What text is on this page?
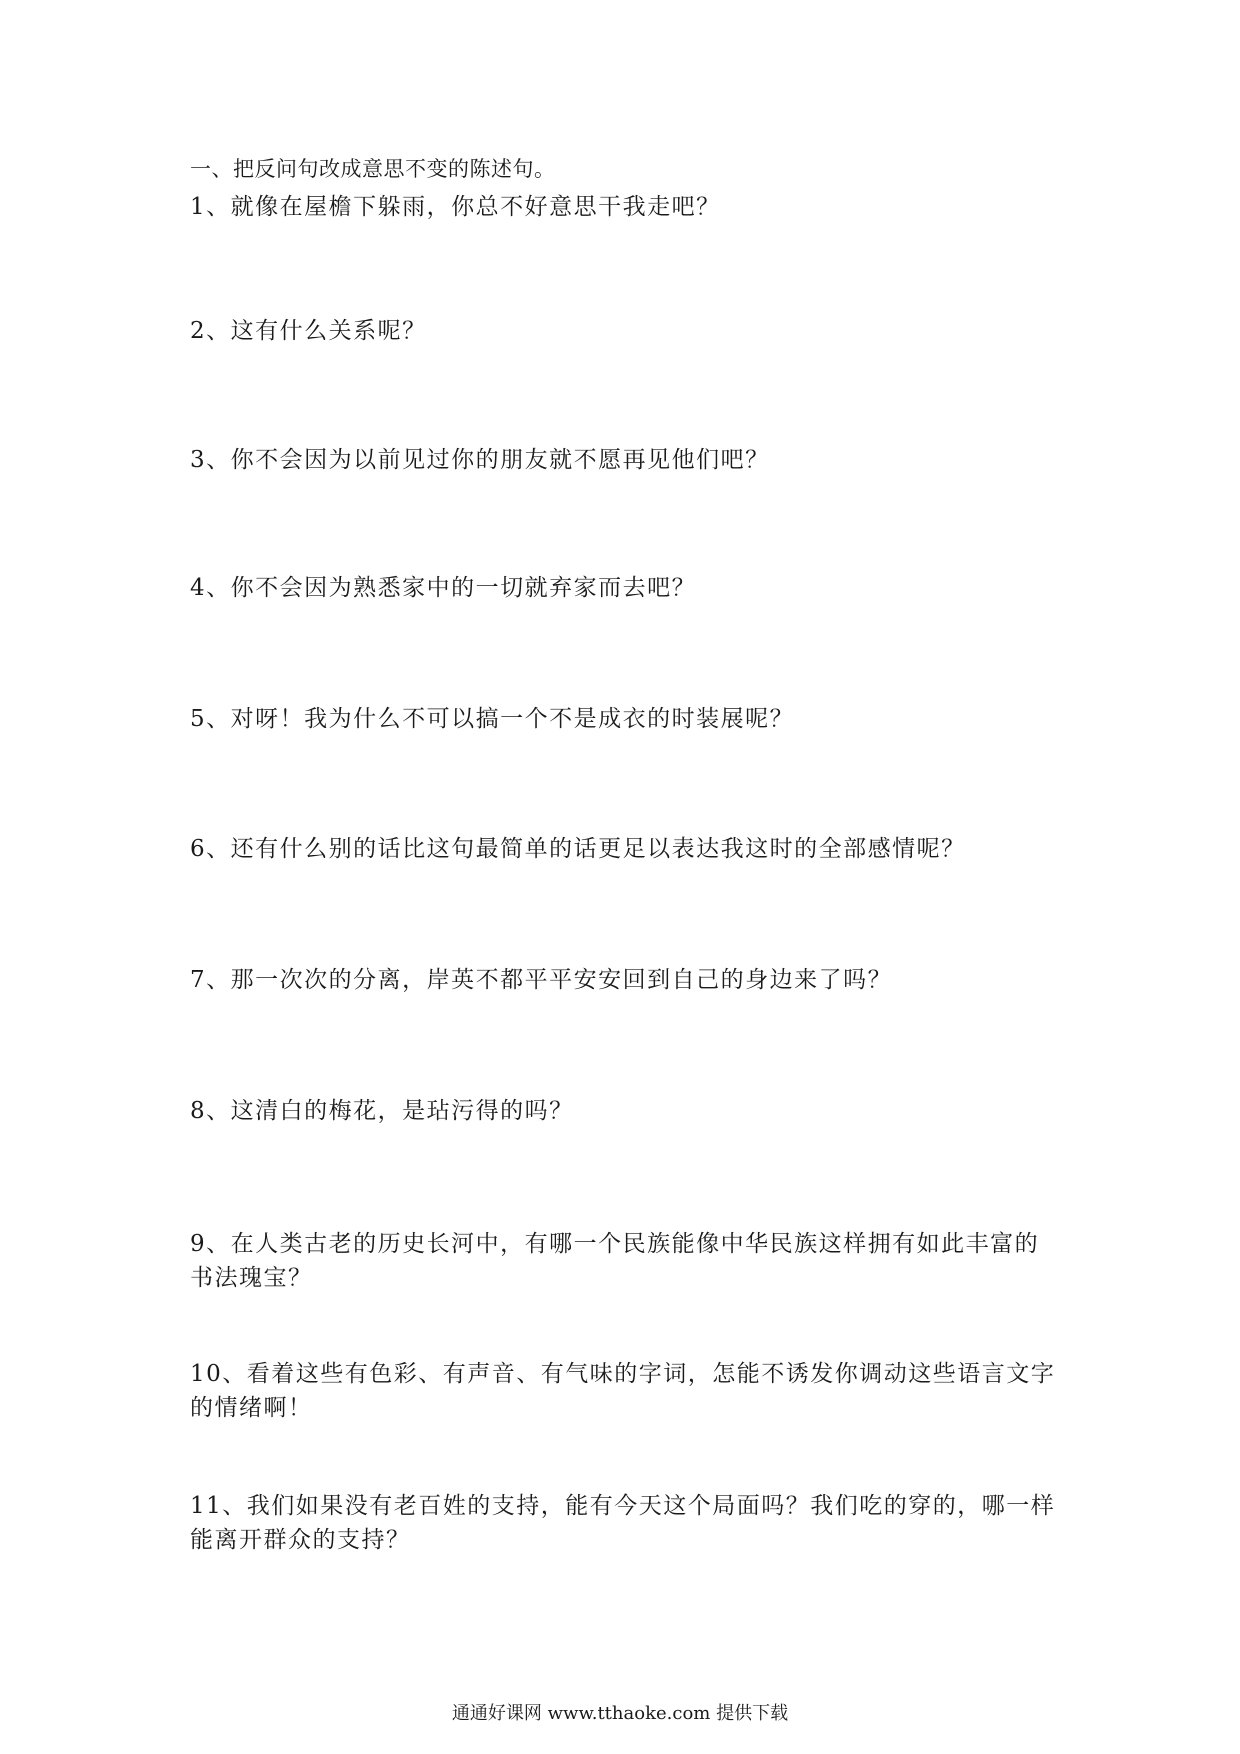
一、把反问句改成意思不变的陈述句。
1、就像在屋檐下躲雨，你总不好意思干我走吧？
2、这有什么关系呢？
3、你不会因为以前见过你的朋友就不愿再见他们吧？
4、你不会因为熟悉家中的一切就弃家而去吧？
5、对呀！我为什么不可以搞一个不是成衣的时装展呢？
6、还有什么别的话比这句最简单的话更足以表达我这时的全部感情呢？
7、那一次次的分离，岸英不都平平安安回到自己的身边来了吗？
8、这清白的梅花，是玷污得的吗？
9、在人类古老的历史长河中，有哪一个民族能像中华民族这样拥有如此丰富的
书法瑰宝？
10、看着这些有色彩、有声音、有气味的字词，怎能不诱发你调动这些语言文字
的情绪啊！
11、我们如果没有老百姓的支持，能有今天这个局面吗？我们吃的穿的，哪一样
能离开群众的支持？
通通好课网 www.tthaoke.com 提供下载
